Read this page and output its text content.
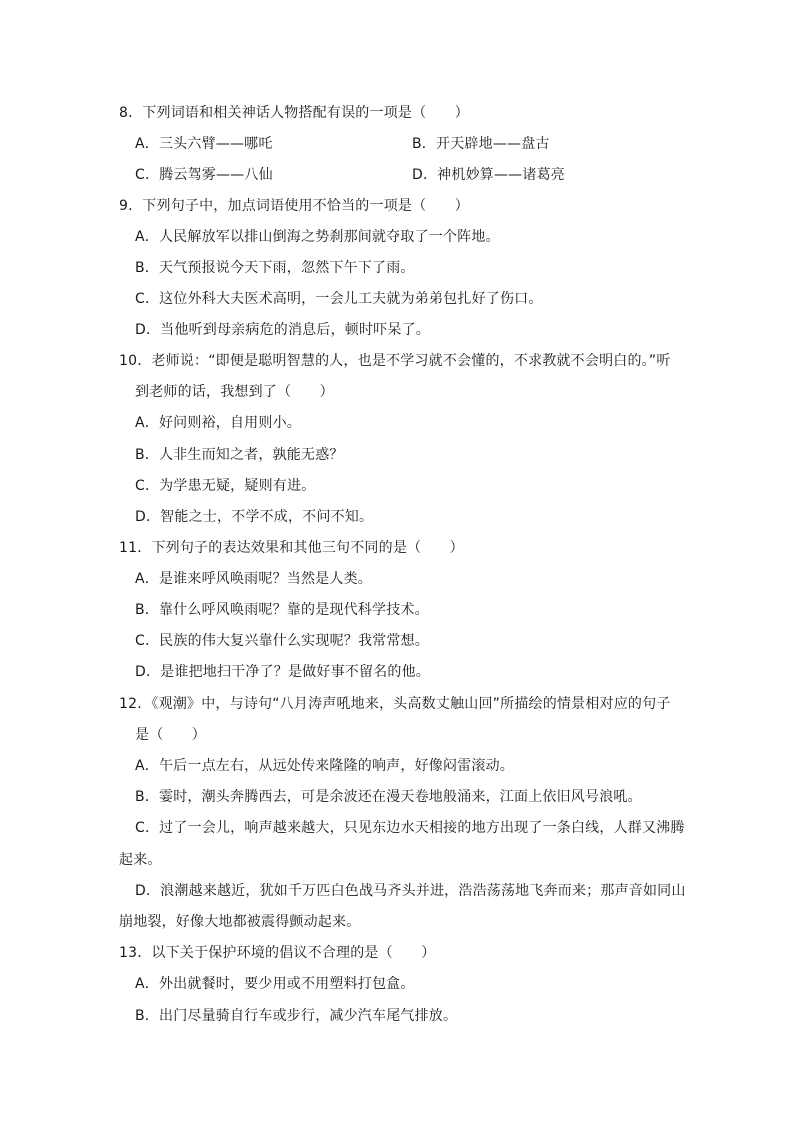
8．下列词语和相关神话人物搭配有误的一项是（　　）
A．三头六臂——哪吒	B．开天辟地——盘古
C．腾云驾雾——八仙	D．神机妙算——诸葛亮
9．下列句子中，加点词语使用不恰当的一项是（　　）
A．人民解放军以排山倒海之势刹那间就夺取了一个阵地。
B．天气预报说今天下雨，忽然下午下了雨。
C．这位外科大夫医术高明，一会儿工夫就为弟弟包扎好了伤口。
D．当他听到母亲病危的消息后，顿时吓呆了。
10．老师说：“即便是聪明智慧的人，也是不学习就不会懂的，不求教就不会明白的。”听
到老师的话，我想到了（　　）
A．好问则裕，自用则小。
B．人非生而知之者，孰能无惑？
C．为学患无疑，疑则有进。
D．智能之士，不学不成，不问不知。
11．下列句子的表达效果和其他三句不同的是（　　）
A．是谁来呼风唤雨呢？当然是人类。
B．靠什么呼风唤雨呢？靠的是现代科学技术。
C．民族的伟大复兴靠什么实现呢？我常常想。
D．是谁把地扫干净了？是做好事不留名的他。
12．《观潮》中，与诗句“八月涛声吼地来，头高数丈触山回”所描绘的情景相对应的句子
是（　　）
A．午后一点左右，从远处传来隆隆的响声，好像闷雷滚动。
B．霎时，潮头奔腾西去，可是余波还在漫天卷地般涌来，江面上依旧风号浪吼。
C．过了一会儿，响声越来越大，只见东边水天相接的地方出现了一条白线，人群又沸腾
起来。
D．浪潮越来越近，犹如千万匹白色战马齐头并进，浩浩荡荡地飞奔而来；那声音如同山
崩地裂，好像大地都被震得颤动起来。
13．以下关于保护环境的倡议不合理的是（　　）
A．外出就餐时，要少用或不用塑料打包盒。
B．出门尽量骑自行车或步行，减少汽车尾气排放。
